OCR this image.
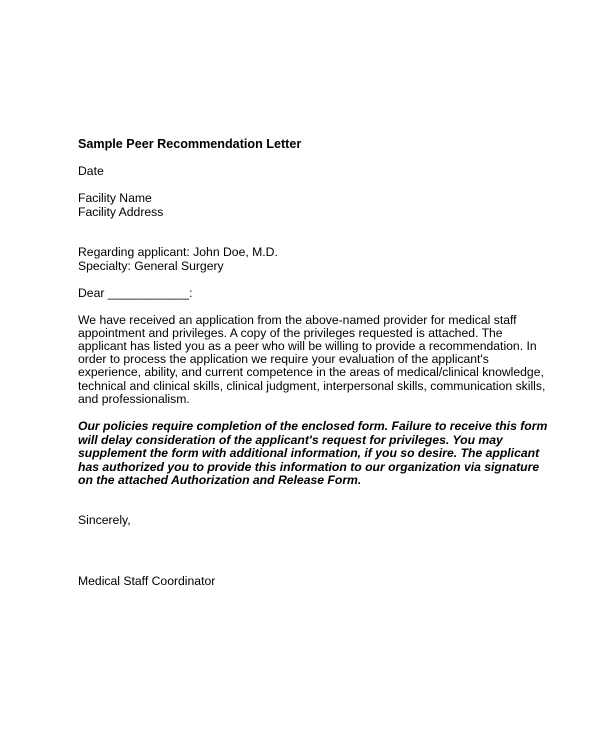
Sample Peer Recommendation Letter
Date
Facility Name
Facility Address
Regarding applicant: John Doe, M.D.
Specialty: General Surgery
Dear ____________:
We have received an application from the above-named provider for medical staff
appointment and privileges. A copy of the privileges requested is attached. The
applicant has listed you as a peer who will be willing to provide a recommendation. In
order to process the application we require your evaluation of the applicant's
experience, ability, and current competence in the areas of medical/clinical knowledge,
technical and clinical skills, clinical judgment, interpersonal skills, communication skills,
and professionalism.
Our policies require completion of the enclosed form. Failure to receive this form
will delay consideration of the applicant's request for privileges. You may
supplement the form with additional information, if you so desire. The applicant
has authorized you to provide this information to our organization via signature
on the attached Authorization and Release Form.
Sincerely,
Medical Staff Coordinator
